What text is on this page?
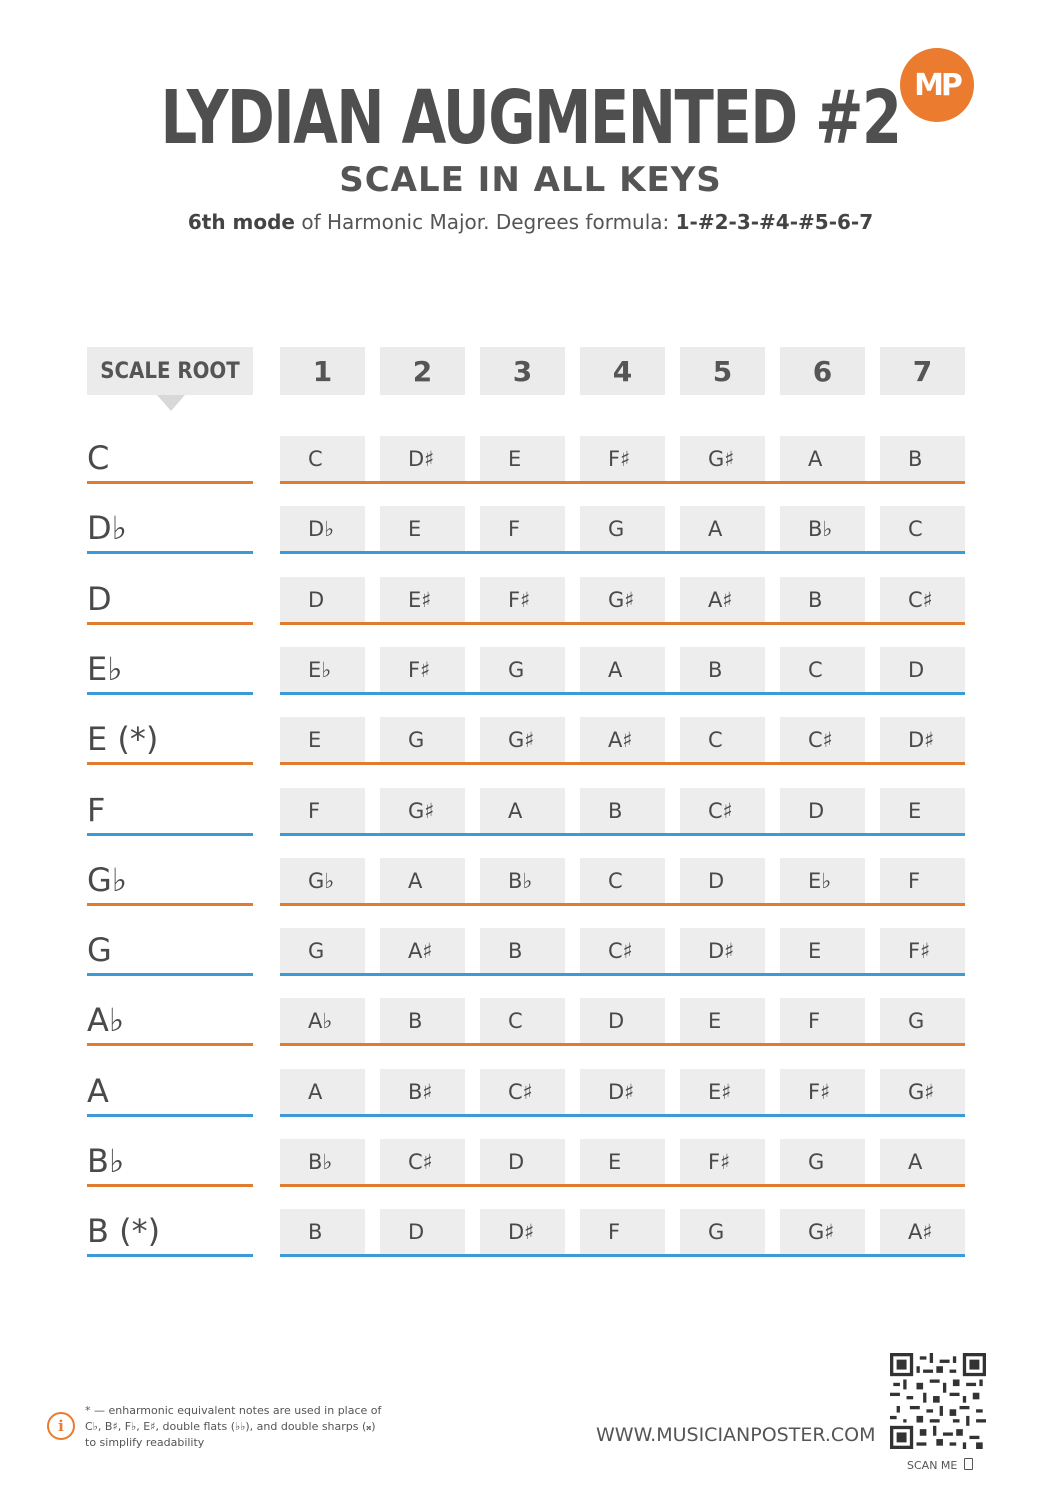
LYDIAN AUGMENTED #2
SCALE IN ALL KEYS
6th mode of Harmonic Major. Degrees formula: 1-#2-3-#4-#5-6-7
MP
SCALE ROOT	1	2	3	4	5	6	7
C	C	D♯	E	F♯	G♯	A	B
D♭	D♭	E	F	G	A	B♭	C
D	D	E♯	F♯	G♯	A♯	B	C♯
E♭	E♭	F♯	G	A	B	C	D
E (*)	E	G	G♯	A♯	C	C♯	D♯
F	F	G♯	A	B	C♯	D	E
G♭	G♭	A	B♭	C	D	E♭	F
G	G	A♯	B	C♯	D♯	E	F♯
A♭	A♭	B	C	D	E	F	G
A	A	B♯	C♯	D♯	E♯	F♯	G♯
B♭	B♭	C♯	D	E	F♯	G	A
B (*)	B	D	D♯	F	G	G♯	A♯
i
* — enharmonic equivalent notes are used in place of
C♭, B♯, F♭, E♯, double flats (♭♭), and double sharps (𝄪)
to simplify readability	WWW.MUSICIANPOSTER.COM
SCAN ME
